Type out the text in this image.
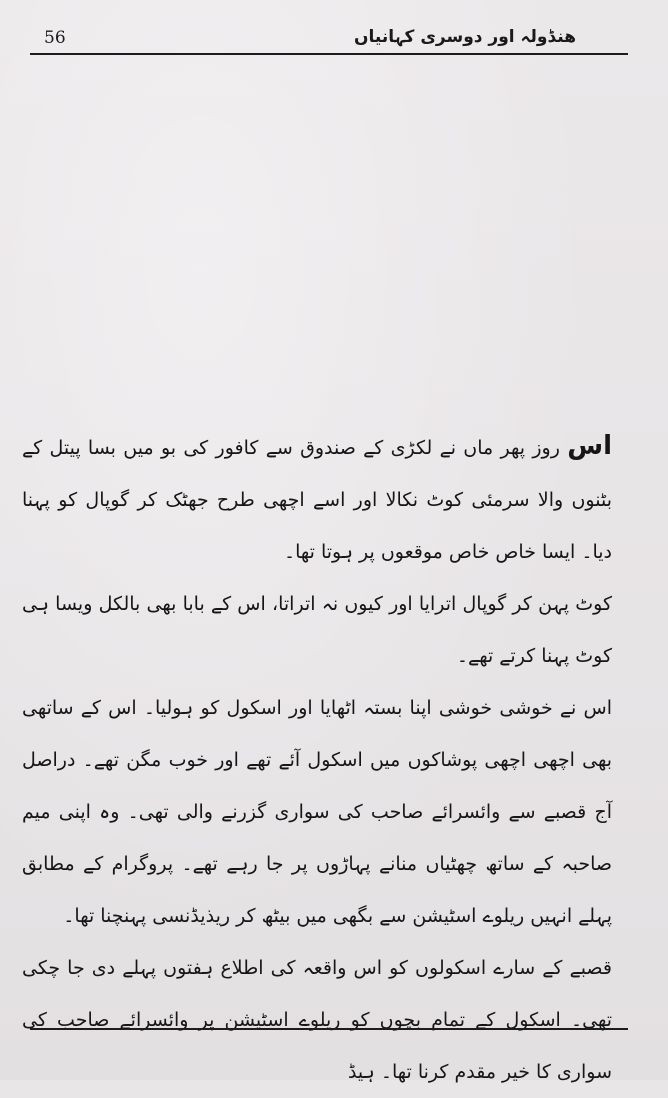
56	ھنڈولہ اور دوسری کہانیاں

اس روز پھر ماں نے لکڑی کے صندوق سے کافور کی بو میں بسا پیتل کے بٹنوں والا سرمئی کوٹ نکالا اور اسے اچھی طرح جھٹک کر گوپال کو پہنا دیا۔ ایسا خاص خاص موقعوں پر ہوتا تھا۔

کوٹ پہن کر گوپال اترایا اور کیوں نہ اتراتا، اس کے بابا بھی بالکل ویسا ہی کوٹ پہنا کرتے تھے۔

اس نے خوشی خوشی اپنا بستہ اٹھایا اور اسکول کو ہولیا۔ اس کے ساتھی بھی اچھی اچھی پوشاکوں میں اسکول آئے تھے اور خوب مگن تھے۔ دراصل آج قصبے سے وائسرائے صاحب کی سواری گزرنے والی تھی۔ وہ اپنی میم صاحبہ کے ساتھ چھٹیاں منانے پہاڑوں پر جا رہے تھے۔ پروگرام کے مطابق پہلے انہیں ریلوے اسٹیشن سے بگھی میں بیٹھ کر ریذیڈنسی پہنچنا تھا۔

قصبے کے سارے اسکولوں کو اس واقعہ کی اطلاع ہفتوں پہلے دی جا چکی تھی۔ اسکول کے تمام بچوں کو ریلوے اسٹیشن پر وائسرائے صاحب کی سواری کا خیر مقدم کرنا تھا۔ ہیڈ
